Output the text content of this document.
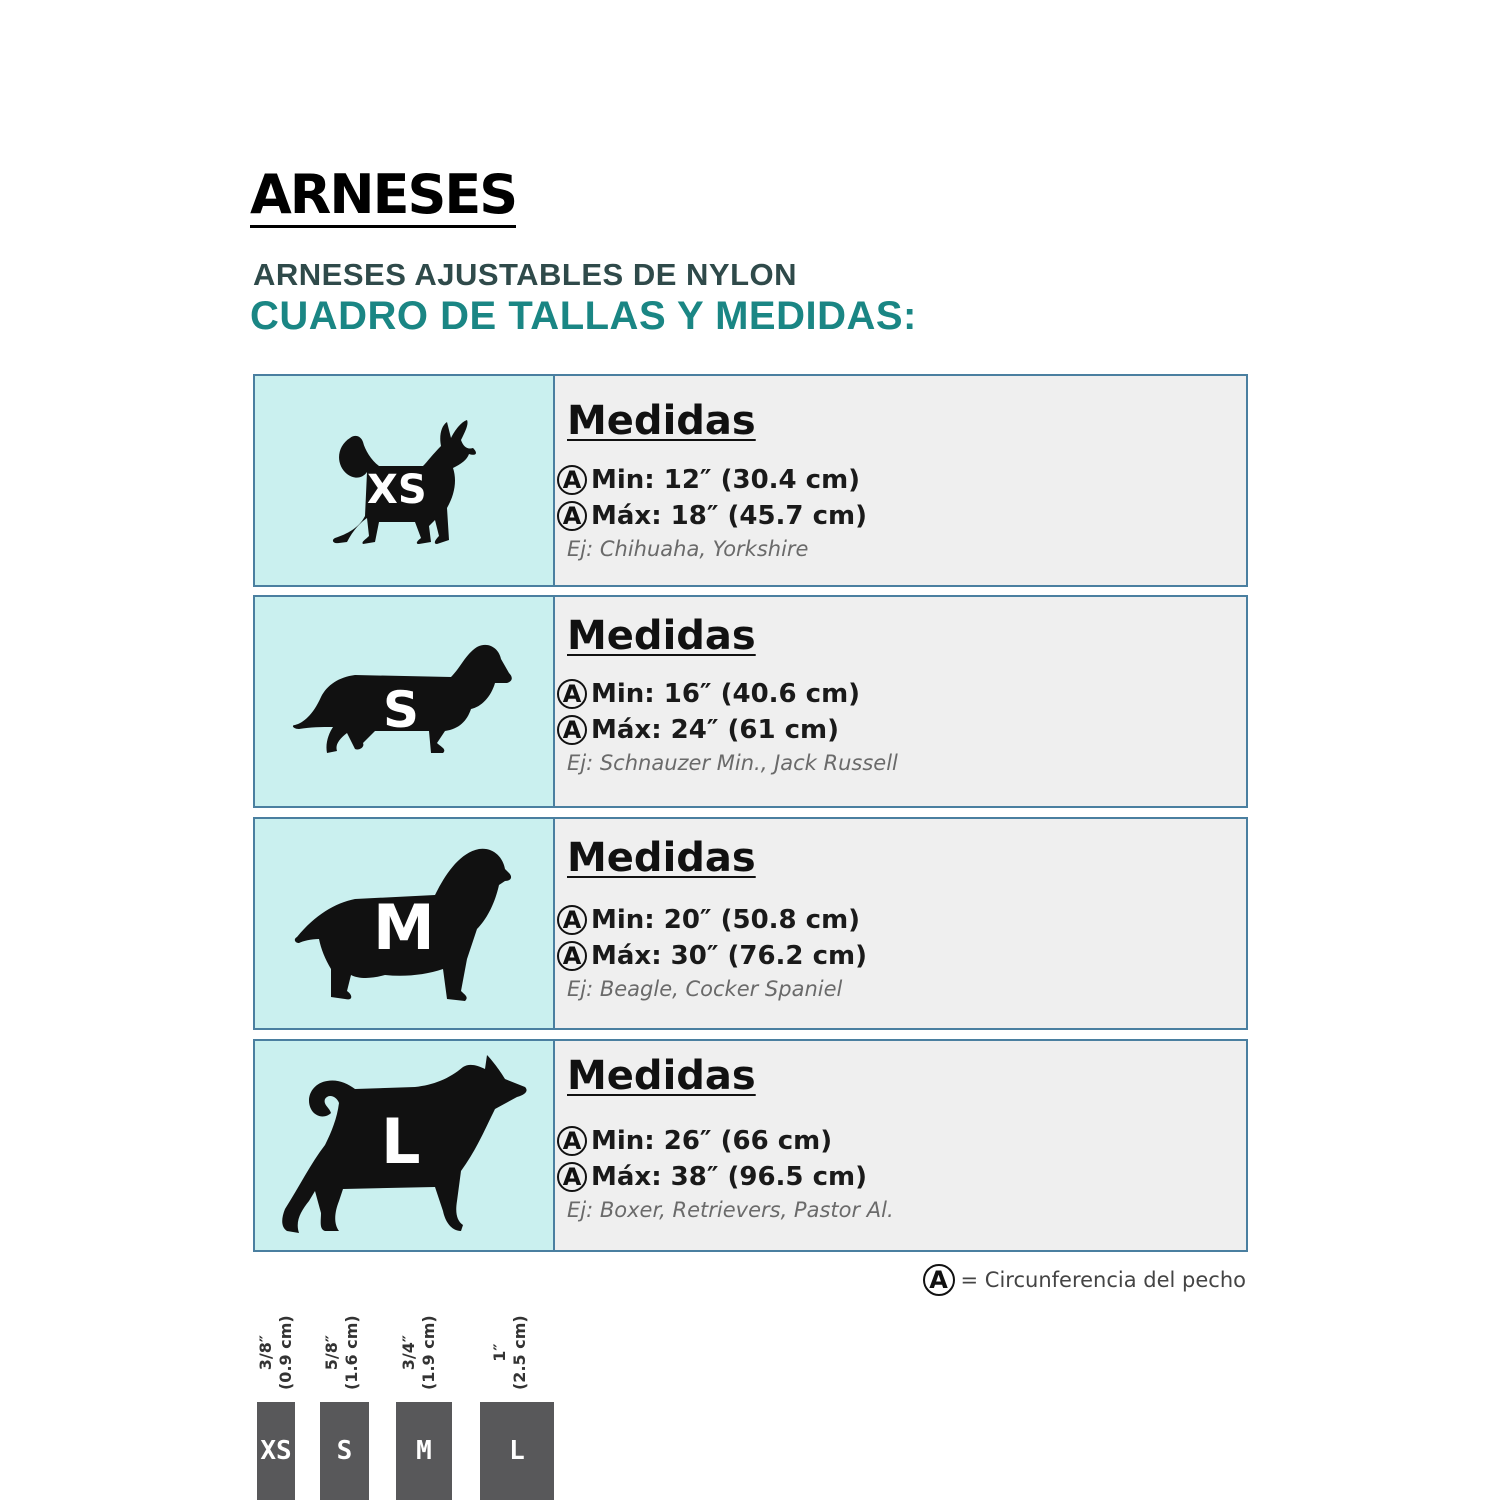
ARNESES
ARNESES AJUSTABLES DE NYLON
CUADRO DE TALLAS Y MEDIDAS:
XS
Medidas
A Min: 12″ (30.4 cm)
A Máx: 18″ (45.7 cm)
Ej: Chihuaha, Yorkshire
S
Medidas
A Min: 16″ (40.6 cm)
A Máx: 24″ (61 cm)
Ej: Schnauzer Min., Jack Russell
M
Medidas
A Min: 20″ (50.8 cm)
A Máx: 30″ (76.2 cm)
Ej: Beagle, Cocker Spaniel
L
Medidas
A Min: 26″ (66 cm)
A Máx: 38″ (96.5 cm)
Ej: Boxer, Retrievers, Pastor Al.
A = Circunferencia del pecho
3/8″ (0.9 cm) 5/8″ (1.6 cm) 3/4″ (1.9 cm)	1″ (2.5 cm)
XS	S	M	L
